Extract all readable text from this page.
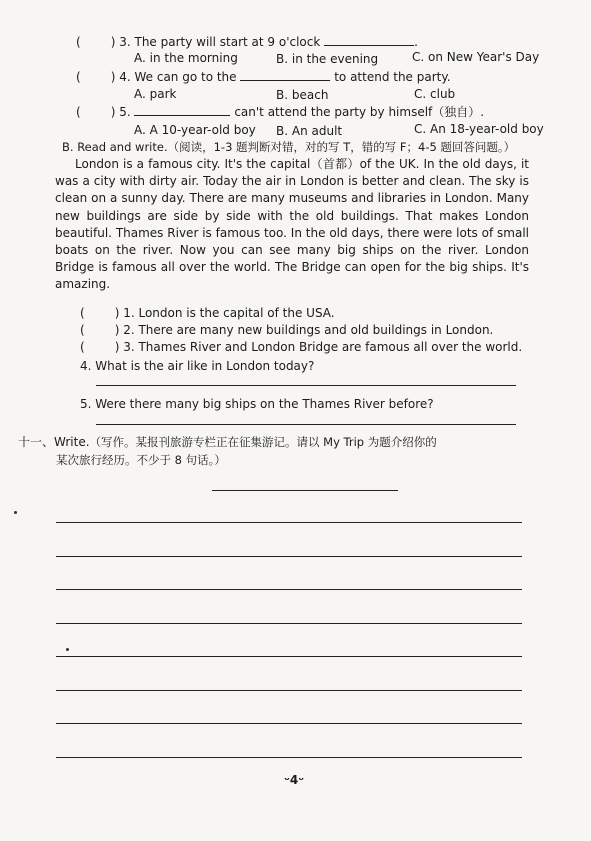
(	) 3. The party will start at 9 o'clock	.
A. in the morning	B. in the evening	C. on New Year's Day
(	) 4. We can go to the	to attend the party.
A. park	B. beach	C. club
(	) 5.	can't attend the party by himself（独自）.
A. A 10-year-old boy B. An adult	C. An 18-year-old boy
B. Read and write.（阅读，1-3 题判断对错，对的写 T，错的写 F；4-5 题回答问题。）

London is a famous city. It's the capital（首都）of the UK. In the old days, it was a city with dirty air. Today the air in London is better and clean. The sky is clean on a sunny day. There are many museums and libraries in London. Many new buildings are side by side with the old buildings. That makes London beautiful. Thames River is famous too. In the old days, there were lots of small boats on the river. Now you can see many big ships on the river. London Bridge is famous all over the world. The Bridge can open for the big ships. It's amazing.

(	) 1. London is the capital of the USA.
(	) 2. There are many new buildings and old buildings in London.
(	) 3. Thames River and London Bridge are famous all over the world.
4. What is the air like in London today?
5. Were there many big ships on the Thames River before?
十一、Write.（写作。某报刊旅游专栏正在征集游记。请以 My Trip 为题介绍你的
某次旅行经历。不少于 8 句话。）
ᵕ4ᵕ
